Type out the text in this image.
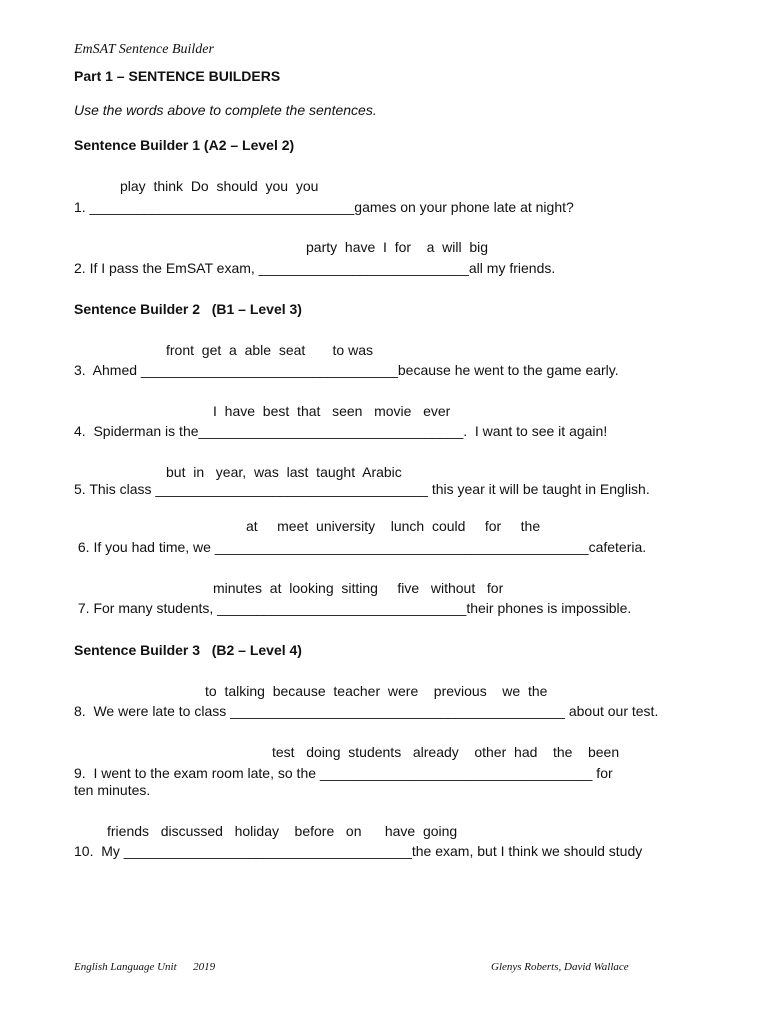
EmSAT Sentence Builder
Part 1 – SENTENCE BUILDERS
Use the words above to complete the sentences.
Sentence Builder 1 (A2 – Level 2)
Sentence Builder 2   (B1 – Level 3)
Sentence Builder 3   (B2 – Level 4)
play  think  Do  should  you  you
1. __________________________________games on your phone late at night?
party  have  I  for    a  will  big
2. If I pass the EmSAT exam, ___________________________all my friends.
front  get  a  able  seat       to was
3.  Ahmed _________________________________because he went to the game early.
I  have  best  that   seen   movie   ever
4.  Spiderman is the__________________________________.  I want to see it again!
but  in   year,  was  last  taught  Arabic
5. This class ___________________________________ this year it will be taught in English.
at     meet  university    lunch  could     for     the
6. If you had time, we ________________________________________________cafeteria.
minutes  at  looking  sitting     five   without   for
7. For many students, ________________________________their phones is impossible.
to  talking  because  teacher  were    previous    we  the
8.  We were late to class ___________________________________________ about our test.
test   doing  students   already    other  had    the    been
9.  I went to the exam room late, so the ___________________________________ for
ten minutes.
friends   discussed   holiday    before   on      have  going
10.  My _____________________________________the exam, but I think we should study
English Language Unit      2019	Glenys Roberts, David Wallace
